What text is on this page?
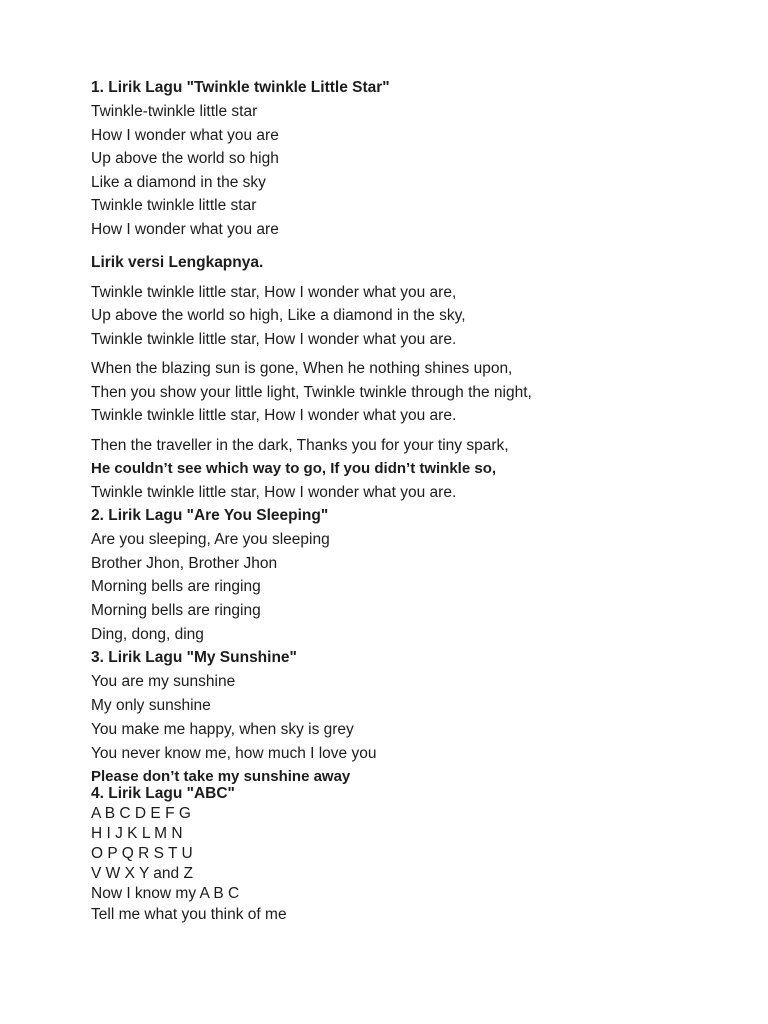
1. Lirik Lagu "Twinkle twinkle Little Star"
Twinkle-twinkle little star
How I wonder what you are
Up above the world so high
Like a diamond in the sky
Twinkle twinkle little star
How I wonder what you are
Lirik versi Lengkapnya.
Twinkle twinkle little star, How I wonder what you are,
Up above the world so high, Like a diamond in the sky,
Twinkle twinkle little star, How I wonder what you are.
When the blazing sun is gone, When he nothing shines upon,
Then you show your little light, Twinkle twinkle through the night,
Twinkle twinkle little star, How I wonder what you are.
Then the traveller in the dark, Thanks you for your tiny spark,
He couldn’t see which way to go, If you didn’t twinkle so,
Twinkle twinkle little star, How I wonder what you are.
2. Lirik Lagu "Are You Sleeping"
Are you sleeping, Are you sleeping
Brother Jhon, Brother Jhon
Morning bells are ringing
Morning bells are ringing
Ding, dong, ding
3. Lirik Lagu "My Sunshine"
You are my sunshine
My only sunshine
You make me happy, when sky is grey
You never know me, how much I love you
Please don’t take my sunshine away
4. Lirik Lagu "ABC"
A B C D E F G
H I J K L M N
O P Q R S T U
V W X Y and Z
Now I know my A B C
Tell me what you think of me
